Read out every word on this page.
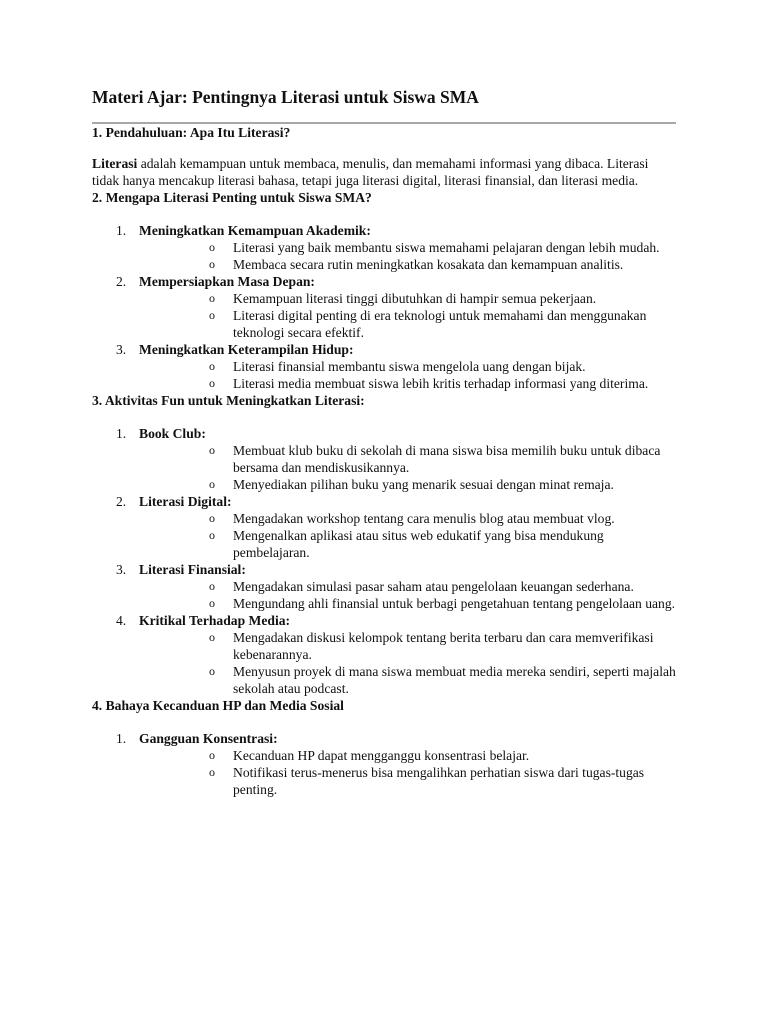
Materi Ajar: Pentingnya Literasi untuk Siswa SMA
1. Pendahuluan: Apa Itu Literasi?

Literasi adalah kemampuan untuk membaca, menulis, dan memahami informasi yang dibaca. Literasi tidak hanya mencakup literasi bahasa, tetapi juga literasi digital, literasi finansial, dan literasi media.

2. Mengapa Literasi Penting untuk Siswa SMA?
1. Meningkatkan Kemampuan Akademik:
o Literasi yang baik membantu siswa memahami pelajaran dengan lebih mudah.
o Membaca secara rutin meningkatkan kosakata dan kemampuan analitis.
2. Mempersiapkan Masa Depan:
o Kemampuan literasi tinggi dibutuhkan di hampir semua pekerjaan.
o Literasi digital penting di era teknologi untuk memahami dan menggunakan teknologi secara efektif.
3. Meningkatkan Keterampilan Hidup:
o Literasi finansial membantu siswa mengelola uang dengan bijak.
o Literasi media membuat siswa lebih kritis terhadap informasi yang diterima.
3. Aktivitas Fun untuk Meningkatkan Literasi:
1. Book Club:
o Membuat klub buku di sekolah di mana siswa bisa memilih buku untuk dibaca bersama dan mendiskusikannya.
o Menyediakan pilihan buku yang menarik sesuai dengan minat remaja.
2. Literasi Digital:
o Mengadakan workshop tentang cara menulis blog atau membuat vlog.
o Mengenalkan aplikasi atau situs web edukatif yang bisa mendukung pembelajaran.
3. Literasi Finansial:
o Mengadakan simulasi pasar saham atau pengelolaan keuangan sederhana.
o Mengundang ahli finansial untuk berbagi pengetahuan tentang pengelolaan uang.
4. Kritikal Terhadap Media:
o Mengadakan diskusi kelompok tentang berita terbaru dan cara memverifikasi kebenarannya.
o Menyusun proyek di mana siswa membuat media mereka sendiri, seperti majalah sekolah atau podcast.
4. Bahaya Kecanduan HP dan Media Sosial
1. Gangguan Konsentrasi:
o Kecanduan HP dapat mengganggu konsentrasi belajar.
o Notifikasi terus-menerus bisa mengalihkan perhatian siswa dari tugas-tugas penting.
